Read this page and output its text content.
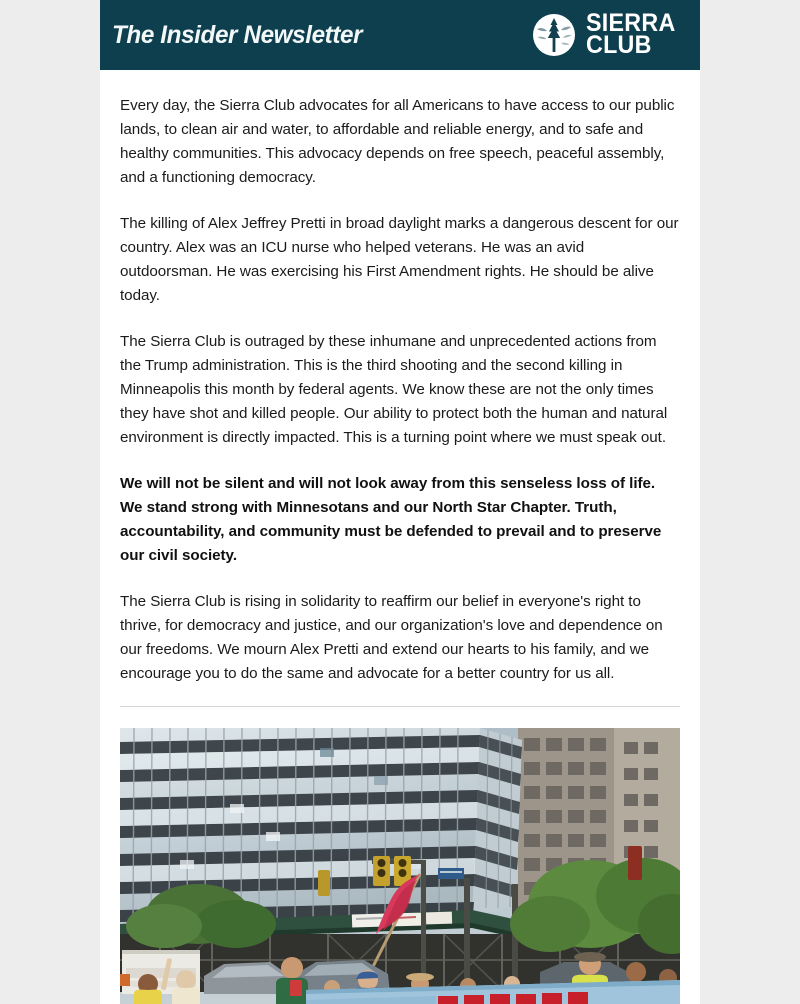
The Insider Newsletter	SIERRA
CLUB

Every day, the Sierra Club advocates for all Americans to have access to our public lands, to clean air and water, to affordable and reliable energy, and to safe and healthy communities. This advocacy depends on free speech, peaceful assembly, and a functioning democracy.

The killing of Alex Jeffrey Pretti in broad daylight marks a dangerous descent for our country. Alex was an ICU nurse who helped veterans. He was an avid outdoorsman. He was exercising his First Amendment rights. He should be alive today.

The Sierra Club is outraged by these inhumane and unprecedented actions from the Trump administration. This is the third shooting and the second killing in Minneapolis this month by federal agents. We know these are not the only times they have shot and killed people. Our ability to protect both the human and natural environment is directly impacted. This is a turning point where we must speak out.

We will not be silent and will not look away from this senseless loss of life. We stand strong with Minnesotans and our North Star Chapter. Truth, accountability, and community must be defended to prevail and to preserve our civil society.

The Sierra Club is rising in solidarity to reaffirm our belief in everyone's right to thrive, for democracy and justice, and our organization's love and dependence on our freedoms. We mourn Alex Pretti and extend our hearts to his family, and we encourage you to do the same and advocate for a better country for us all.
